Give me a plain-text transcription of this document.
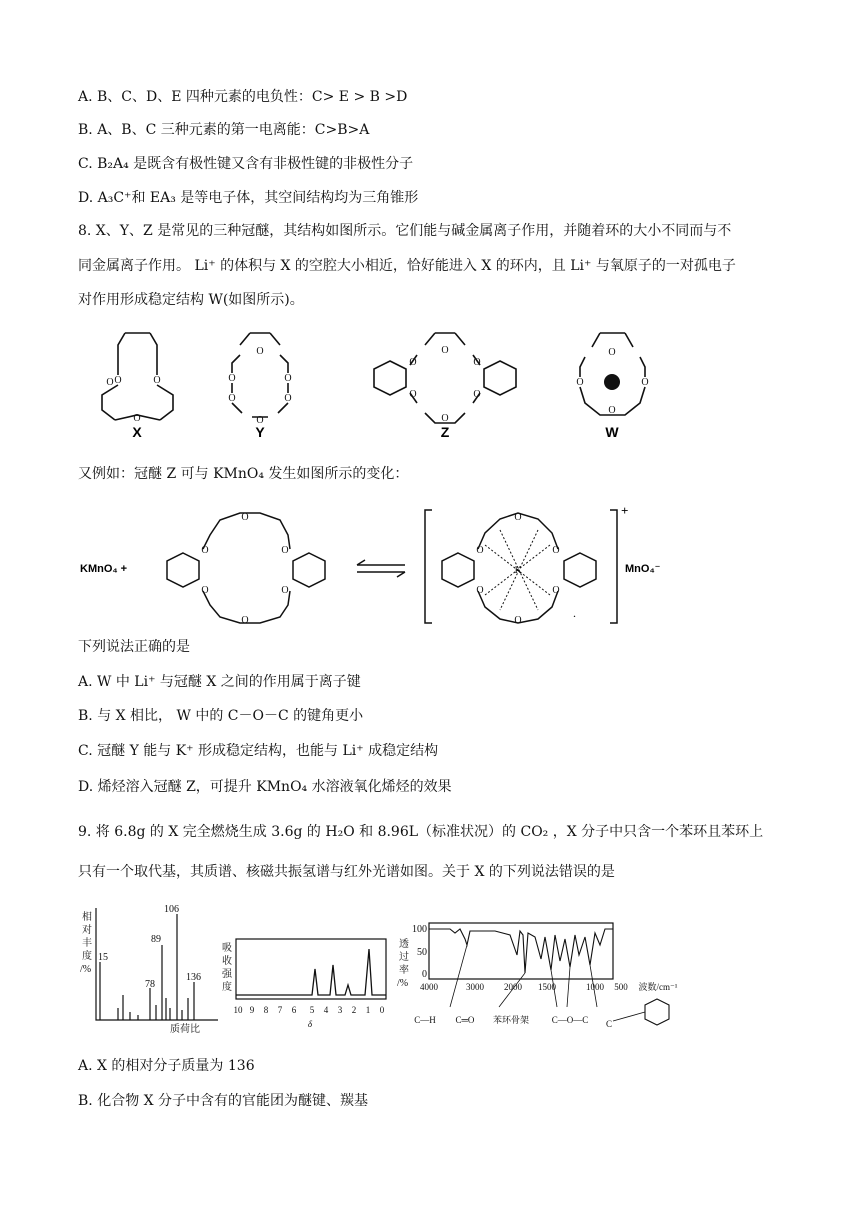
A. B、C、D、E 四种元素的电负性：C> E > B >D
B. A、B、C 三种元素的第一电离能：C>B>A
C. B₂A₄ 是既含有极性键又含有非极性键的非极性分子
D. A₃C⁺和 EA₃ 是等电子体，其空间结构均为三角锥形
8. X、Y、Z 是常见的三种冠醚，其结构如图所示。它们能与碱金属离子作用，并随着环的大小不同而与不
同金属离子作用。 Li⁺ 的体积与 X 的空腔大小相近，恰好能进入 X 的环内，且 Li⁺ 与氧原子的一对孤电子
对作用形成稳定结构 W(如图所示)。
O	O
O
O
O
O	O
O	O
O
O
O	O
O	O
O
O
O	O
O
X	Y	Z	W
又例如：冠醚 Z 可与 KMnO₄ 发生如图所示的变化：
KMnO₄ +
O	O
O	O
O
O
O	O
O	O
O
O
K
.
+
MnO₄⁻
下列说法正确的是
A. W 中 Li⁺ 与冠醚 X 之间的作用属于离子键
B. 与 X 相比， W 中的 C－O－C 的键角更小
C. 冠醚 Y 能与 K⁺ 形成稳定结构，也能与 Li⁺ 成稳定结构
D. 烯烃溶入冠醚 Z，可提升 KMnO₄ 水溶液氧化烯烃的效果
9. 将 6.8g 的 X 完全燃烧生成 3.6g 的 H₂O 和 8.96L（标准状况）的 CO₂ ，X 分子中只含一个苯环且苯环上
只有一个取代基，其质谱、核磁共振氢谱与红外光谱如图。关于 X 的下列说法错误的是
相
对
丰
度
/%
15
78
89
106
136
质荷比
吸
收
强
度
10 9 8 7 6 5 4 3 2 1 0
δ
透
过
率
/%
100
50
0
4000	3000 2000 1500	1000 500 波数/cm⁻¹
C—H C═O 苯环骨架	C—O—C C
A. X 的相对分子质量为 136
B. 化合物 X 分子中含有的官能团为醚键、羰基
